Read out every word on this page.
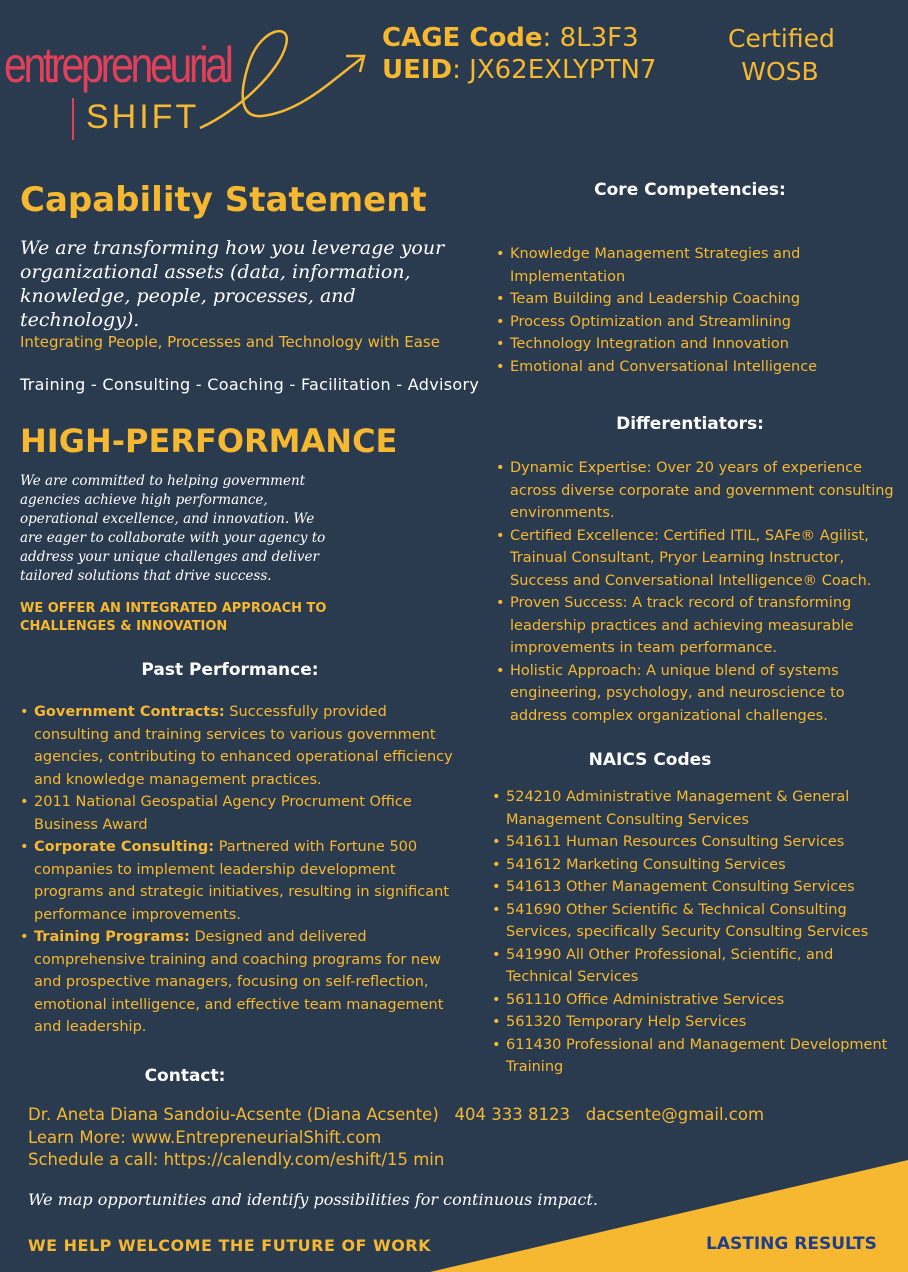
entrepreneurial
SHIFT
CAGE Code: 8L3F3
UEID: JX62EXLYPTN7
Certified
WOSB
Capability Statement
We are transforming how you leverage your organizational assets (data, information, knowledge, people, processes, and technology).
Integrating People, Processes and Technology with Ease
Training - Consulting - Coaching - Facilitation - Advisory
HIGH-PERFORMANCE
We are committed to helping government agencies achieve high performance, operational excellence, and innovation. We are eager to collaborate with your agency to address your unique challenges and deliver tailored solutions that drive success.
WE OFFER AN INTEGRATED APPROACH TO CHALLENGES & INNOVATION
Past Performance:
• Government Contracts: Successfully provided consulting and training services to various government agencies, contributing to enhanced operational efficiency and knowledge management practices.
• 2011 National Geospatial Agency Procrument Office Business Award
• Corporate Consulting: Partnered with Fortune 500 companies to implement leadership development programs and strategic initiatives, resulting in significant performance improvements.
• Training Programs: Designed and delivered comprehensive training and coaching programs for new and prospective managers, focusing on self-reflection, emotional intelligence, and effective team management and leadership.
Contact:
Dr. Aneta Diana Sandoiu-Acsente (Diana Acsente) 404 333 8123 dacsente@gmail.com
Learn More: www.EntrepreneurialShift.com
Schedule a call: https://calendly.com/eshift/15 min
We map opportunities and identify possibilities for continuous impact.
WE HELP WELCOME THE FUTURE OF WORK	LASTING RESULTS
Core Competencies:
• Knowledge Management Strategies and Implementation
• Team Building and Leadership Coaching
• Process Optimization and Streamlining
• Technology Integration and Innovation
• Emotional and Conversational Intelligence
Differentiators:
• Dynamic Expertise: Over 20 years of experience across diverse corporate and government consulting environments.
• Certified Excellence: Certified ITIL, SAFe® Agilist, Trainual Consultant, Pryor Learning Instructor, Success and Conversational Intelligence® Coach.
• Proven Success: A track record of transforming leadership practices and achieving measurable improvements in team performance.
• Holistic Approach: A unique blend of systems engineering, psychology, and neuroscience to address complex organizational challenges.
NAICS Codes
• 524210 Administrative Management & General Management Consulting Services
• 541611 Human Resources Consulting Services
• 541612 Marketing Consulting Services
• 541613 Other Management Consulting Services
• 541690 Other Scientific & Technical Consulting Services, specifically Security Consulting Services
• 541990 All Other Professional, Scientific, and Technical Services
• 561110 Office Administrative Services
• 561320 Temporary Help Services
• 611430 Professional and Management Development Training
